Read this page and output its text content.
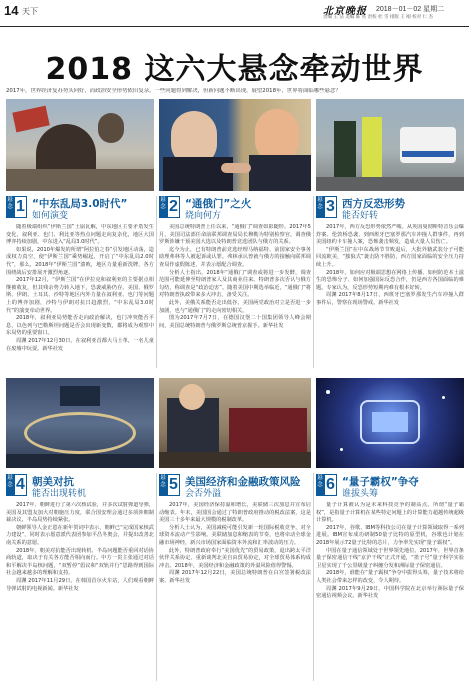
14 天下	北京晚报 2018－01－02 星期二
责编 王 洁 美编 陈 亮 责校 杜 雪 排版 王 刚 校对 仁 杰
2018 这六大悬念牵动世界
2017年，世界经济复苏势头向好，而政治安全形势依旧复杂。一些问题得到解决，但新问题不断出现。展望2018年，世界将面临哪些悬念？
悬念 1 “中东乱局3.0时代”
如何演变

随着极端组织“伊斯兰国”土崩瓦解，中东地区主要矛盾发生变化，叙利亚、也门、利比亚等热点问题走向复杂化，地区大国博弈持续加剧，中东进入“乱局3.0时代”。

如果说，2010年爆发的所谓“阿拉伯之春”引发地区动荡，造成权力真空，使“伊斯兰国”乘势崛起，开启了“中东乱局2.0时代”，那么，2018年“伊斯兰国”溃败，地区力量重新洗牌，各方围绕战后安排展开激烈角逐。

2017年12月，“伊斯兰国”在伊拉克和叙利亚的主要据点相继被收复，但其残余势力转入地下，恐袭威胁仍存。美国、俄罗斯、伊朗、土耳其、沙特等地区内外力量在叙利亚、也门等问题上的博弈加剧，沙特与伊朗对抗日趋激烈，“中东乱局3.0时代”的演变牵动世界。

2018年，叙利亚局势能否走向政治解决，也门冲突能否平息，以色列与巴勒斯坦问题是否会出现新变数，都将成为观察中东局势的重要窗口。

周渊 2017年12月30日，在叙利亚首都大马士革，一名儿童在废墟中玩耍。新华社发

悬念 2 “通俄门”之火
烧向何方

美国总统特朗普上任以来，“通俄门”调查如影随形。2017年5月，美国司法部任命前联邦调查局局长穆勒为特别检察官，调查俄罗斯涉嫌干预美国大选以及特朗普竞选团队与俄方的关系。

迄今为止，已有特朗普前竞选经理马纳福特、前国家安全事务助理弗林等人被起诉或认罪。弗林承认曾就与俄方的接触向联邦调查局作虚假陈述，并表示愿配合调查。

分析人士指出，2018年“通俄门”调查或将进一步发酵，调查范围可能延伸至特朗普家人及其商业往来。特朗普多次否认与俄方勾结，称调查是“政治迫害”。随着美国中期选举临近，“通俄门”将对特朗普执政带来多大冲击，备受关注。

此外，美俄关系能否走出低谷、美国两党政治对立是否进一步加剧，也与“通俄门”的走向密切相关。

图为2017年7月7日，在德国汉堡二十国集团领导人峰会期间，美国总统特朗普与俄罗斯总统普京握手。新华社发

悬念 3 西方反恐形势
能否好转

2017年，西方反恐形势依然严峻。从英国曼彻斯特音乐会爆炸案、伦敦桥恐袭，到西班牙巴塞罗那汽车冲撞人群事件，再到美国纽约卡车撞人案，恐怖袭击频发，造成大量人员伤亡。

“伊斯兰国”在中东战场节节败退后，大批外籍武装分子可能回流欧美，“独狼式”袭击防不胜防，西方国家面临的安全压力持续上升。

2018年，如何应对极端思想在网络上传播、如何防范本土滋生的恐怖分子、如何加强国际反恐合作，仍是西方各国面临的难题。专家认为，反恐形势短期内难有根本好转。

周渊 2017年8月17日，西班牙巴塞罗那发生汽车冲撞人群事件后，警察在现场警戒。新华社发

悬念 4 朝美对抗
能否出现转机

2017年，朝鲜进行了第六次核试验，并多次试射弹道导弹，美国及其盟友加大对朝施压力度，联合国安理会通过多项涉朝制裁决议，半岛局势持续紧张。

朝鲜领导人金正恩在新年贺词中表示，朝鲜已“完成国家核武力建设”，同时表示愿意派代表团参加平昌冬奥会，并提出改善北南关系的意愿。

2018年，朝美对抗能否出现转机、半岛问题能否重回对话协商轨道，取决于有关各方能否相向而行。中方一贯主张通过对话和平解决半岛核问题，“双暂停”倡议和“双轨并行”思路得到国际社会越来越多的理解和支持。

周渊 2017年11月29日，在韩国首尔火车站，人们观看朝鲜导弹试射的电视新闻。新华社发

悬念 5 美国经济和金融政策风险
会否外溢

2017年，美国经济保持温和增长，美联储三次加息并宣布启动缩表。年末，美国国会通过了特朗普政府推动的税改法案，这是美国三十多年来最大规模的税制改革。

分析人士认为，美国减税可能引发新一轮国际税收竞争，对全球资本流动产生影响。美联储加息和缩表的节奏，也将牵动全球金融市场神经，新兴市场国家面临资本外流和汇率波动的压力。

此外，特朗普政府奉行“美国优先”的贸易政策，退出跨太平洋伙伴关系协定、重新谈判北美自由贸易协定，对全球贸易体系构成冲击。2018年，美国经济和金融政策的外溢风险值得警惕。

周渊 2017年12月22日，美国总统特朗普在白宫签署税改法案。新华社发

悬念 6 “量子霸权”争夺
谁拔头筹

量子计算被认为是未来科技竞争的制高点。所谓“量子霸权”，是指量子计算机在某些特定问题上的计算能力超越传统超级计算机。

2017年，谷歌、IBM等科技公司在量子计算领域取得一系列进展。IBM宣布成功研制50量子比特的原型机，谷歌也计划在2018年展示72量子比特的芯片，力争率先实现“量子霸权”。

中国在量子通信领域处于世界领先地位。2017年，世界首条量子保密通信干线“京沪干线”正式开通，“墨子号”量子科学实验卫星实现了千公里级量子纠缠分发和洲际量子保密通信。

2018年，谁能在“量子霸权”争夺中拔得头筹，量子技术将给人类社会带来怎样的改变，令人期待。

周渊 2017年9月29日，中国科学院在北京举行洲际量子保密通信视频会议。新华社发
